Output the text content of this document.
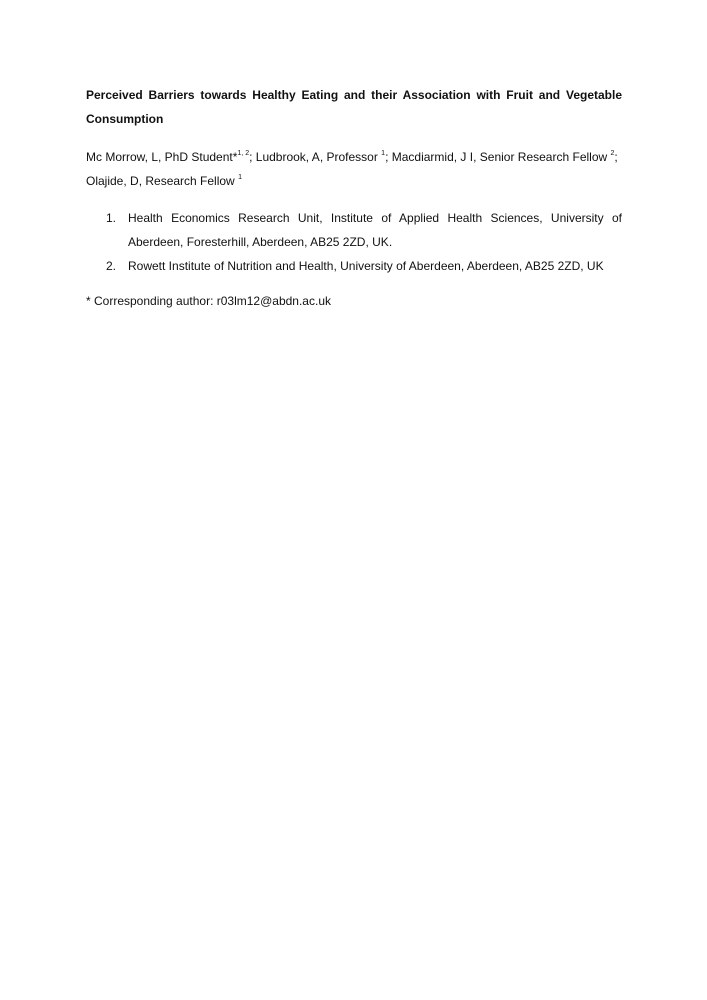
Perceived Barriers towards Healthy Eating and their Association with Fruit and Vegetable Consumption

Mc Morrow, L, PhD Student*$^{1, 2}$; Ludbrook, A, Professor $^1$; Macdiarmid, J I, Senior Research Fellow $^2$; Olajide, D, Research Fellow $^1$

1. Health Economics Research Unit, Institute of Applied Health Sciences, University of Aberdeen, Foresterhill, Aberdeen, AB25 2ZD, UK.
2. Rowett Institute of Nutrition and Health, University of Aberdeen, Aberdeen, AB25 2ZD, UK

* Corresponding author: r03lm12@abdn.ac.uk
